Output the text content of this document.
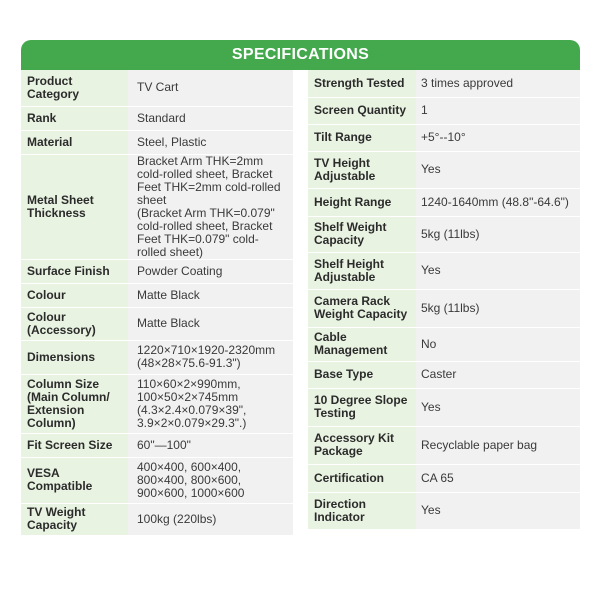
SPECIFICATIONS
Product Category	TV Cart
Rank	Standard
Material	Steel, Plastic
Metal Sheet Thickness	Bracket Arm THK=2mm cold-rolled sheet, Bracket Feet THK=2mm cold-rolled sheet
(Bracket Arm THK=0.079" cold-rolled sheet, Bracket Feet THK=0.079" cold-rolled sheet)
Surface Finish	Powder Coating
Colour	Matte Black
Colour (Accessory)	Matte Black
Dimensions	1220×710×1920-2320mm (48×28×75.6-91.3")
Column Size (Main Column/ Extension Column)	110×60×2×990mm, 100×50×2×745mm (4.3×2.4×0.079×39", 3.9×2×0.079×29.3".)
Fit Screen Size	60"—100"
VESA Compatible	400×400, 600×400, 800×400, 800×600, 900×600, 1000×600
TV Weight Capacity	100kg (220lbs)
Strength Tested	3 times approved
Screen Quantity	1
Tilt Range	+5°--10°
TV Height Adjustable	Yes
Height Range	1240-1640mm (48.8"-64.6")
Shelf Weight Capacity	5kg (11lbs)
Shelf Height Adjustable	Yes
Camera Rack Weight Capacity	5kg (11lbs)
Cable Management	No
Base Type	Caster
10 Degree Slope Testing	Yes
Accessory Kit Package	Recyclable paper bag
Certification	CA 65
Direction Indicator	Yes
